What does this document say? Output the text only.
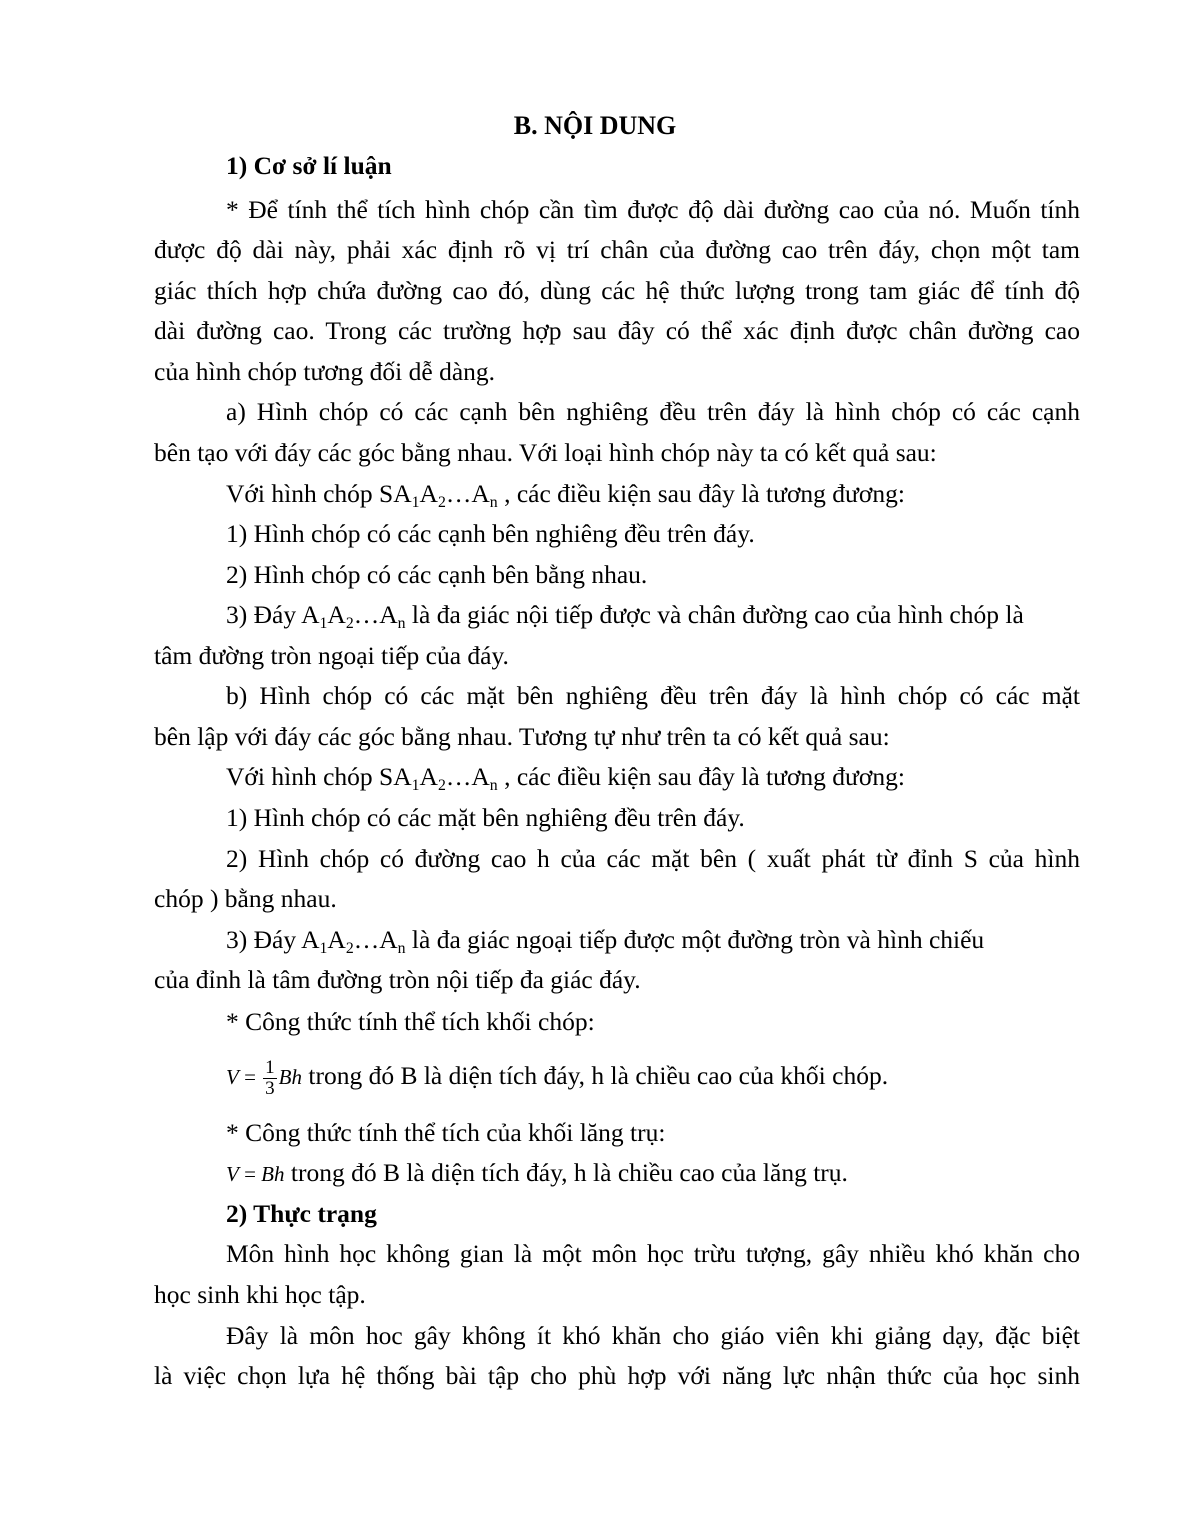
B. NỘI DUNG
1) Cơ sở lí luận
* Để tính thể tích hình chóp cần tìm được độ dài đường cao của nó. Muốn tính
được độ dài này, phải xác định rõ vị trí chân của đường cao trên đáy, chọn một tam
giác thích hợp chứa đường cao đó, dùng các hệ thức lượng trong tam giác để tính độ
dài đường cao. Trong các trường hợp sau đây có thể xác định được chân đường cao
của hình chóp tương đối dễ dàng.
a) Hình chóp có các cạnh bên nghiêng đều trên đáy là hình chóp có các cạnh
bên tạo với đáy các góc bằng nhau. Với loại hình chóp này ta có kết quả sau:
Với hình chóp SA1A2…An , các điều kiện sau đây là tương đương:
1) Hình chóp có các cạnh bên nghiêng đều trên đáy.
2) Hình chóp có các cạnh bên bằng nhau.
3) Đáy A1A2…An là đa giác nội tiếp được và chân đường cao của hình chóp là
tâm đường tròn ngoại tiếp của đáy.
b) Hình chóp có các mặt bên nghiêng đều trên đáy là hình chóp có các mặt
bên lập với đáy các góc bằng nhau. Tương tự như trên ta có kết quả sau:
Với hình chóp SA1A2…An , các điều kiện sau đây là tương đương:
1) Hình chóp có các mặt bên nghiêng đều trên đáy.
2) Hình chóp có đường cao h của các mặt bên ( xuất phát từ đỉnh S của hình
chóp ) bằng nhau.
3) Đáy A1A2…An là đa giác ngoại tiếp được một đường tròn và hình chiếu
của đỉnh là tâm đường tròn nội tiếp đa giác đáy.
* Công thức tính thể tích khối chóp:
$V = \frac{1}{3}$ Bh trong đó B là diện tích đáy, h là chiều cao của khối chóp.
* Công thức tính thể tích của khối lăng trụ:
V = Bh trong đó B là diện tích đáy, h là chiều cao của lăng trụ.
2) Thực trạng
Môn hình học không gian là một môn học trừu tượng, gây nhiều khó khăn cho
học sinh khi học tập.
Đây là môn hoc gây không ít khó khăn cho giáo viên khi giảng dạy, đặc biệt
là việc chọn lựa hệ thống bài tập cho phù hợp với năng lực nhận thức của học sinh
